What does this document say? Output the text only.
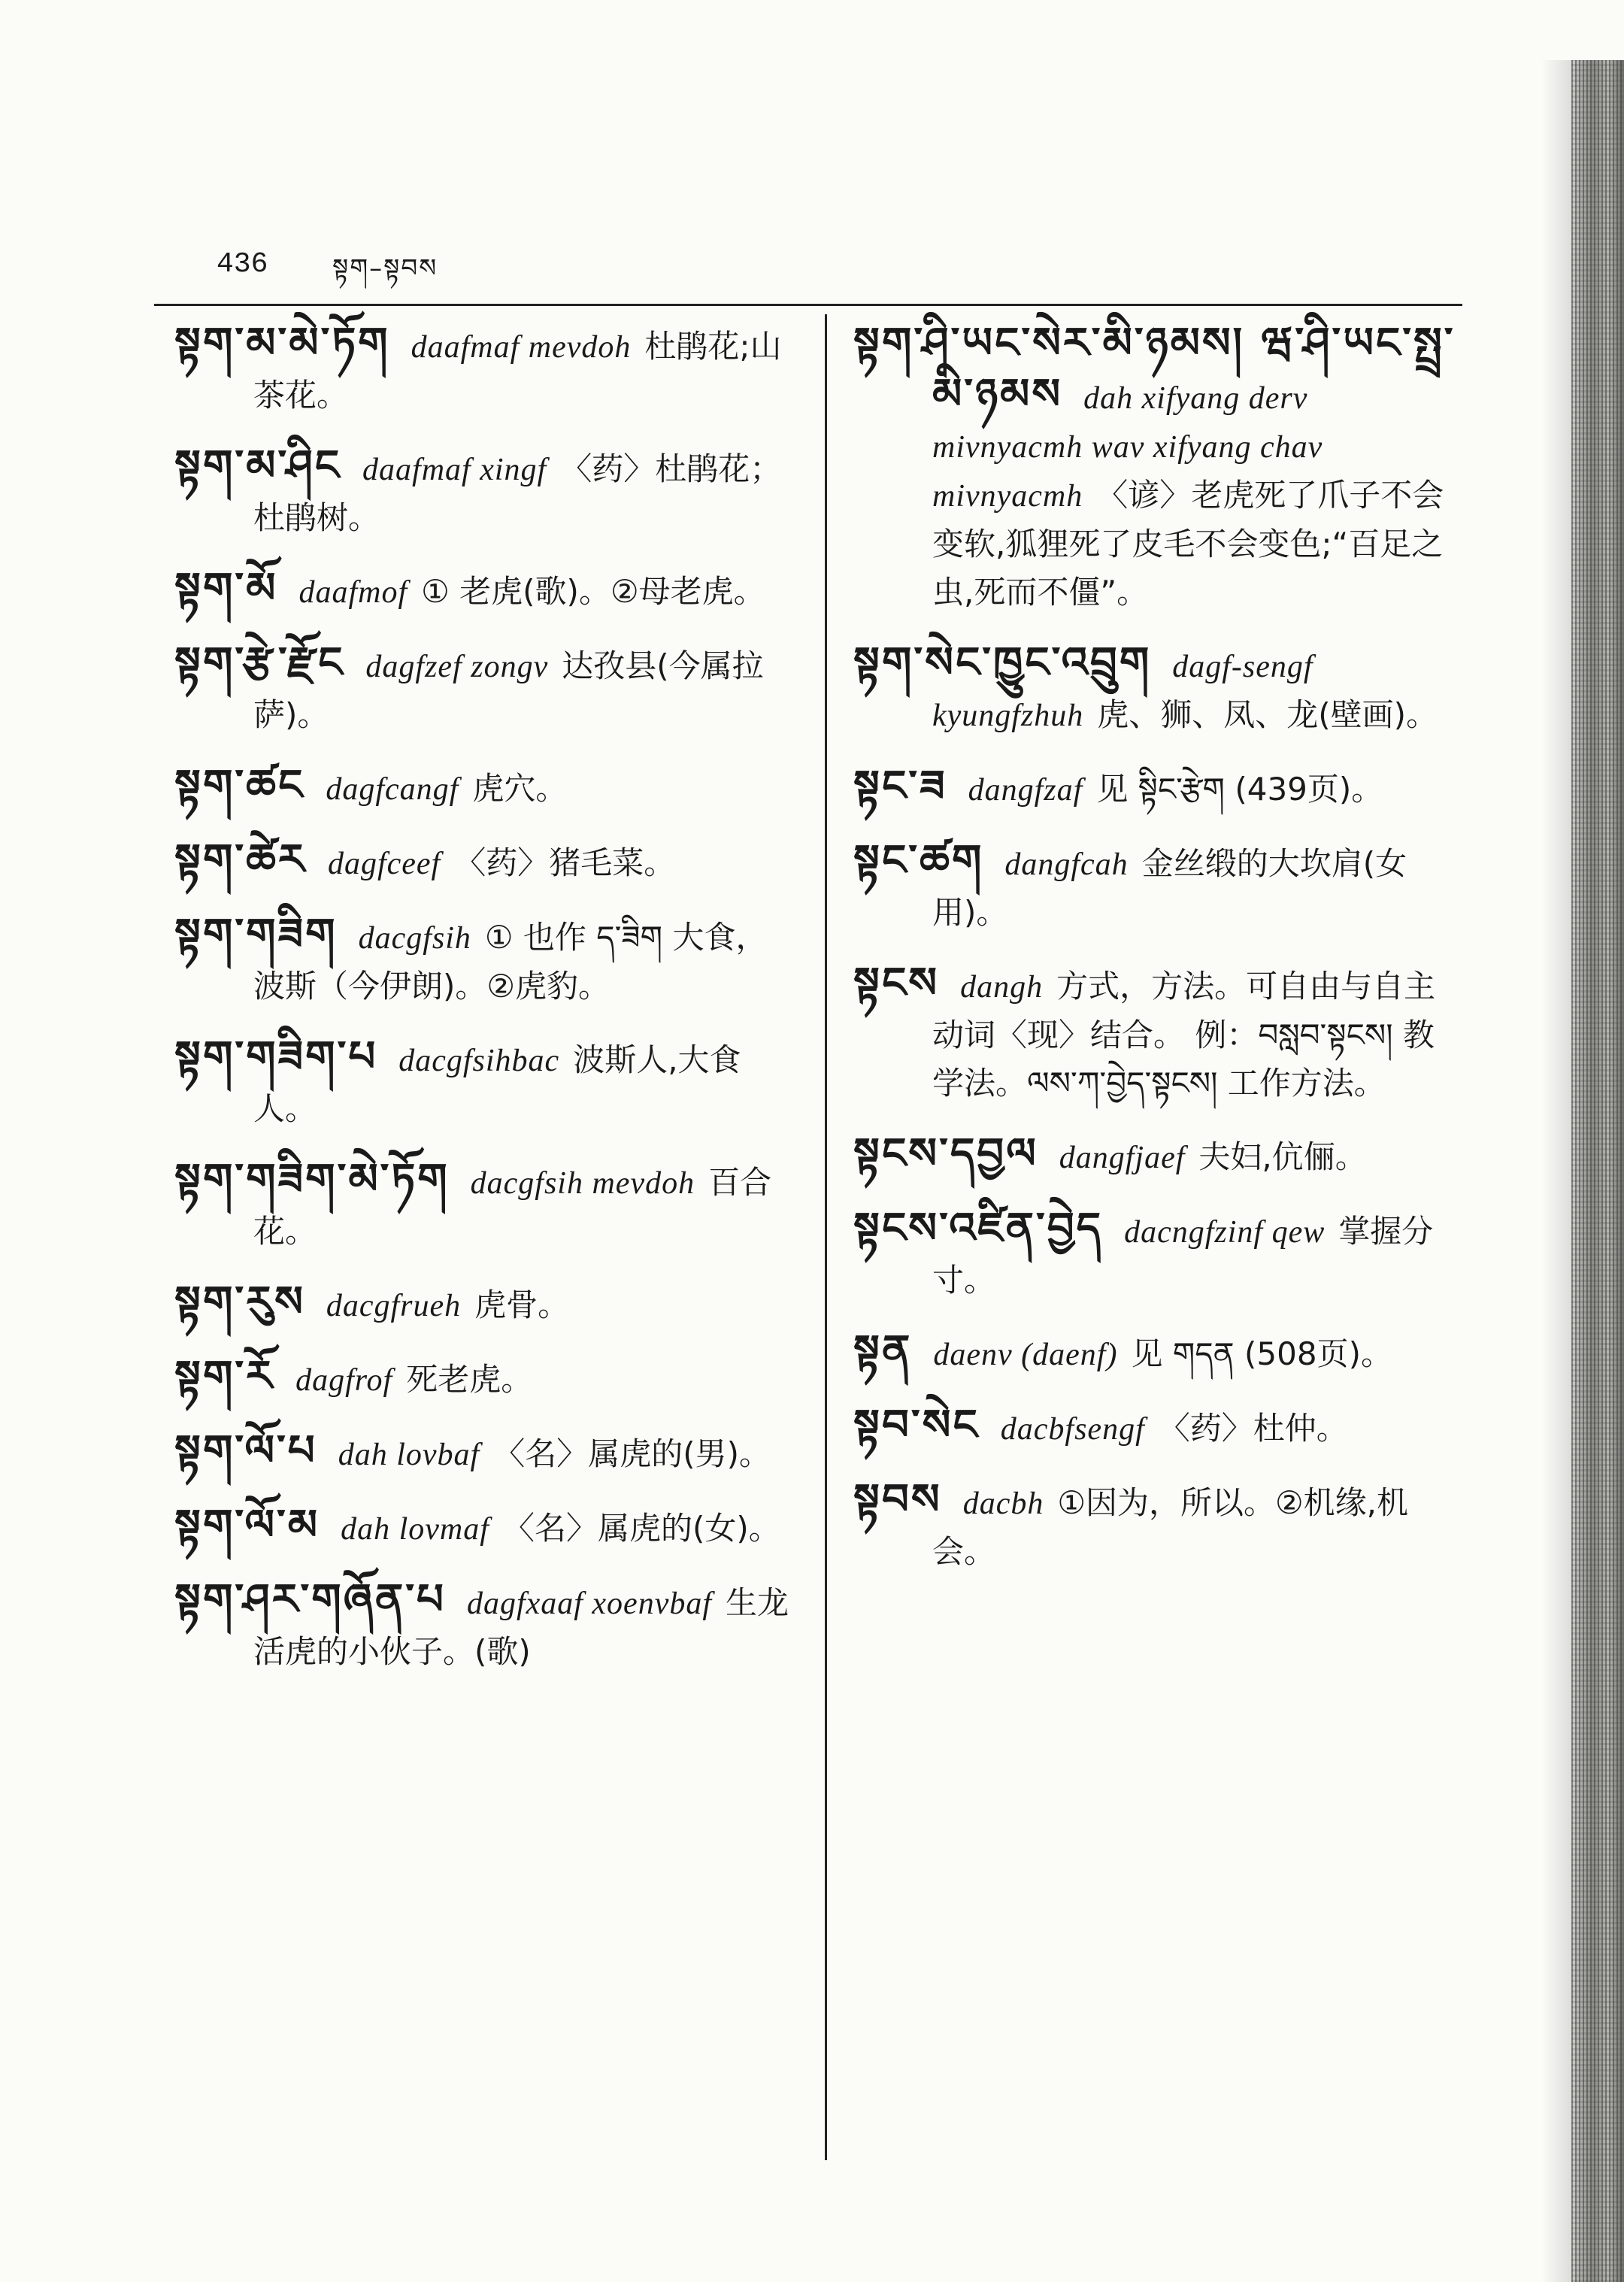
436	སྟག–སྟབས
སྟག་མ་མེ་ཏོག daafmaf meνdoh 杜鹃花;山茶花。
སྟག་མ་ཤིང daafmaf xingf 〈药〉杜鹃花；杜鹃树。
སྟག་མོ daafmof ① 老虎(歌)。②母老虎。
སྟག་རྩེ་རྫོང dagfzef zongν 达孜县(今属拉萨)。
སྟག་ཚང dagfcangf 虎穴。
སྟག་ཚེར dagfceef 〈药〉猪毛菜。
སྟག་གཟིག dacgfsih ① 也作 ད་ཟིག 大食，波斯（今伊朗)。②虎豹。
སྟག་གཟིག་པ dacgfsihbac 波斯人,大食人。
སྟག་གཟིག་མེ་ཏོག dacgfsih meνdoh 百合花。
སྟག་རུས dacgfrueh 虎骨。
སྟག་རོ dagfrof 死老虎。
སྟག་ལོ་པ dah loνbaf 〈名〉属虎的(男)。
སྟག་ལོ་མ dah loνmaf 〈名〉属虎的(女)。
སྟག་ཤར་གཞོན་པ dagfxaaf xoenνbaf 生龙活虎的小伙子。(歌)
སྟག་ཤི་ཡང་སེར་མི་ཉམས། ཝ་ཤི་ཡང་སྤྲ་མི་ཉམས dah xifyang derν miνnyacmh waν xifyang chaν miνnyacmh 〈谚〉老虎死了爪子不会变软,狐狸死了皮毛不会变色;“百足之虫,死而不僵”。
སྟག་སེང་ཁྱུང་འབྲུག dagf-sengf kyungfzhuh 虎、狮、凤、龙(壁画)。
སྟང་ཟ dangfzaf 见 སྟིང་རྩེག (439页)。
སྟང་ཚག dangfcah 金丝缎的大坎肩(女用)。
སྟངས dangh 方式，方法。可自由与自主动词〈现〉结合。 例：བསླབ་སྟངས། 教学法。ལས་ཀ་བྱེད་སྟངས། 工作方法。
སྟངས་དབྱལ dangfjaef 夫妇,伉俪。
སྟངས་འཛིན་བྱེད dacngfzinf qew 掌握分寸。
སྟན daenν (daenf) 见 གདན (508页)。
སྟབ་སེང dacbfsengf 〈药〉杜仲。
སྟབས dacbh ①因为，所以。②机缘,机会。
